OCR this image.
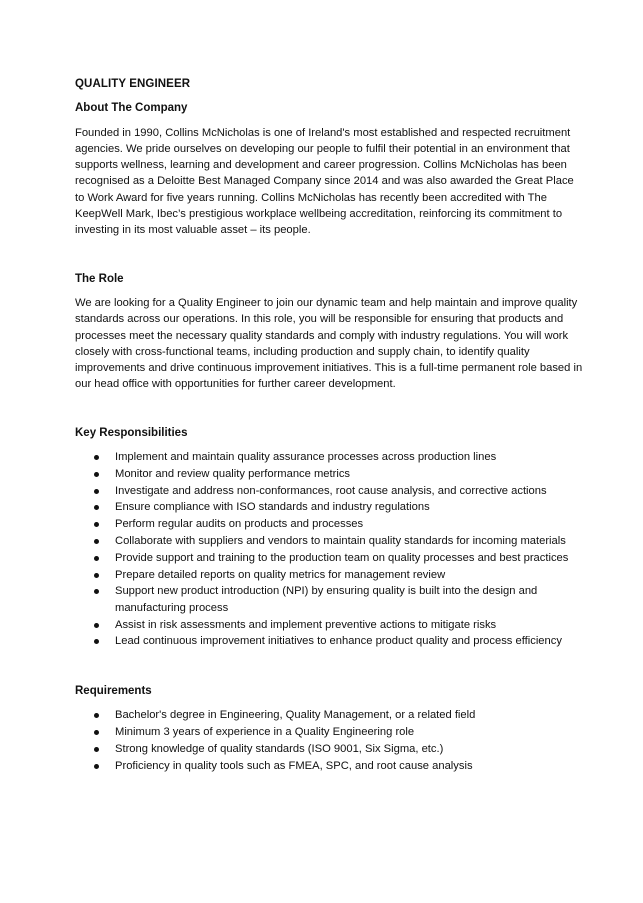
QUALITY ENGINEER
About The Company

Founded in 1990, Collins McNicholas is one of Ireland's most established and respected recruitment agencies. We pride ourselves on developing our people to fulfil their potential in an environment that supports wellness, learning and development and career progression. Collins McNicholas has been recognised as a Deloitte Best Managed Company since 2014 and was also awarded the Great Place to Work Award for five years running. Collins McNicholas has recently been accredited with The KeepWell Mark, Ibec’s prestigious workplace wellbeing accreditation, reinforcing its commitment to investing in its most valuable asset – its people.

The Role

We are looking for a Quality Engineer to join our dynamic team and help maintain and improve quality standards across our operations. In this role, you will be responsible for ensuring that products and processes meet the necessary quality standards and comply with industry regulations. You will work closely with cross-functional teams, including production and supply chain, to identify quality improvements and drive continuous improvement initiatives. This is a full-time permanent role based in our head office with opportunities for further career development.

Key Responsibilities
Implement and maintain quality assurance processes across production lines
Monitor and review quality performance metrics
Investigate and address non-conformances, root cause analysis, and corrective actions
Ensure compliance with ISO standards and industry regulations
Perform regular audits on products and processes
Collaborate with suppliers and vendors to maintain quality standards for incoming materials
Provide support and training to the production team on quality processes and best practices
Prepare detailed reports on quality metrics for management review
Support new product introduction (NPI) by ensuring quality is built into the design and manufacturing process
Assist in risk assessments and implement preventive actions to mitigate risks
Lead continuous improvement initiatives to enhance product quality and process efficiency
Requirements
Bachelor's degree in Engineering, Quality Management, or a related field
Minimum 3 years of experience in a Quality Engineering role
Strong knowledge of quality standards (ISO 9001, Six Sigma, etc.)
Proficiency in quality tools such as FMEA, SPC, and root cause analysis
